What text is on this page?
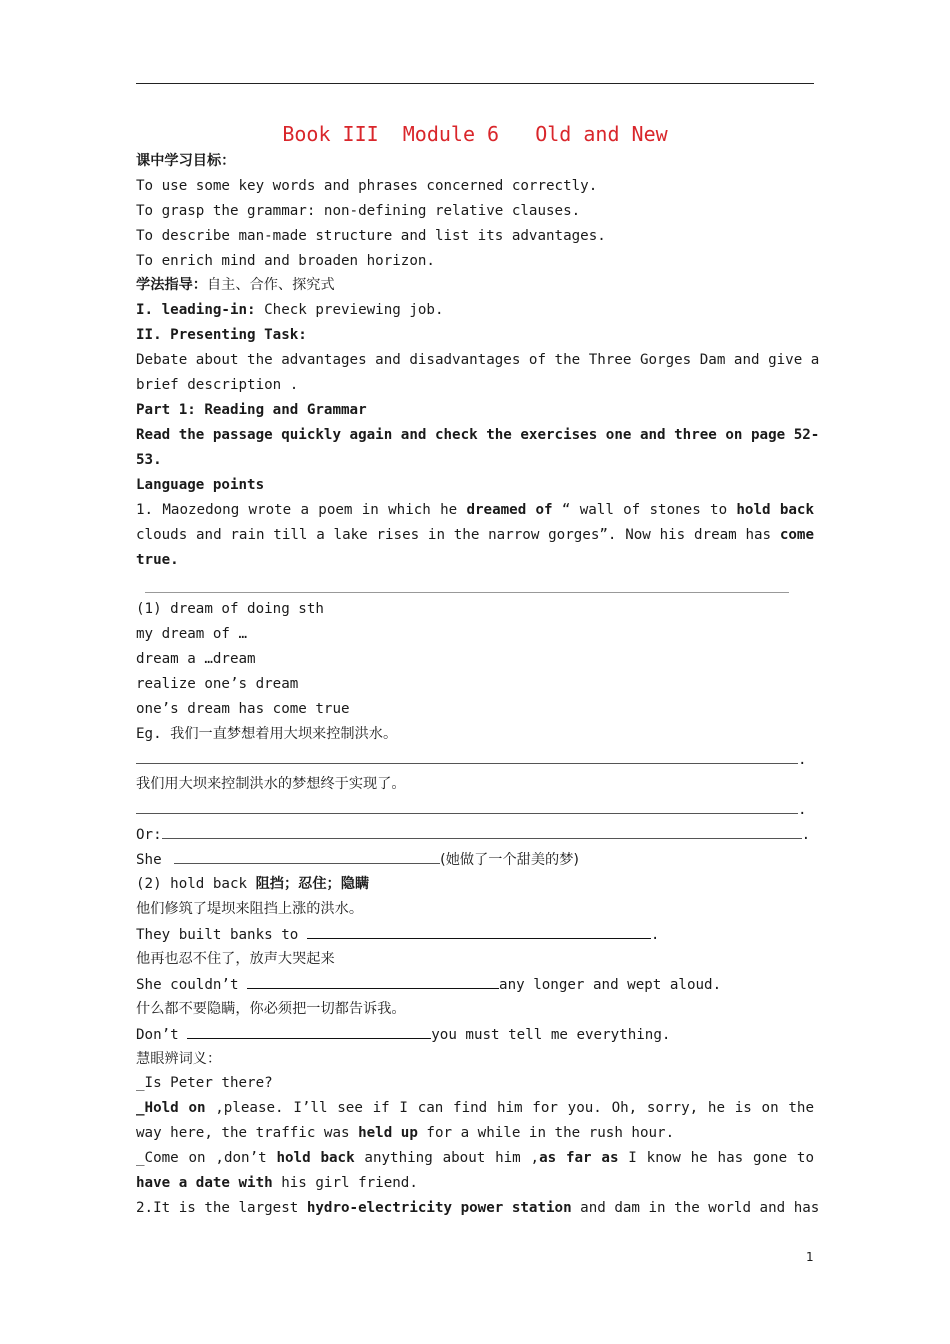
Book III  Module 6   Old and New
课中学习目标：
To use some key words and phrases concerned correctly.
To grasp the grammar: non-defining relative clauses.
To describe man-made structure and list its advantages.
To enrich mind and broaden horizon.
学法指导：自主、合作、探究式
I. leading-in: Check previewing job.
II. Presenting Task:
Debate about the advantages and disadvantages of the Three Gorges Dam and give a
brief description .
Part 1: Reading and Grammar
Read the passage quickly again and check the exercises one and three on page 52-
53.
Language points
1. Maozedong wrote a poem in which he dreamed of “ wall of stones to hold back
clouds and rain till a lake rises in the narrow gorges”. Now his dream has come
true.
(1) dream of doing sth
my dream of …
dream a …dream
realize one’s dream
one’s dream has come true
Eg. 我们一直梦想着用大坝来控制洪水。
.
我们用大坝来控制洪水的梦想终于实现了。
.
Or:	.
She	(她做了一个甜美的梦)
(2) hold back 阻挡；忍住；隐瞒
他们修筑了堤坝来阻挡上涨的洪水。
They built banks to	.
他再也忍不住了，放声大哭起来
She couldn’t	any longer and wept aloud.
什么都不要隐瞒，你必须把一切都告诉我。
Don’t	you must tell me everything.
慧眼辨词义：
_Is Peter there?
_Hold on ,please. I’ll see if I can find him for you. Oh, sorry, he is on the
way here, the traffic was held up for a while in the rush hour.
_Come on ,don’t hold back anything about him ,as far as I know he has gone to
have a date with his girl friend.
2.It is the largest hydro-electricity power station and dam in the world and has
1
